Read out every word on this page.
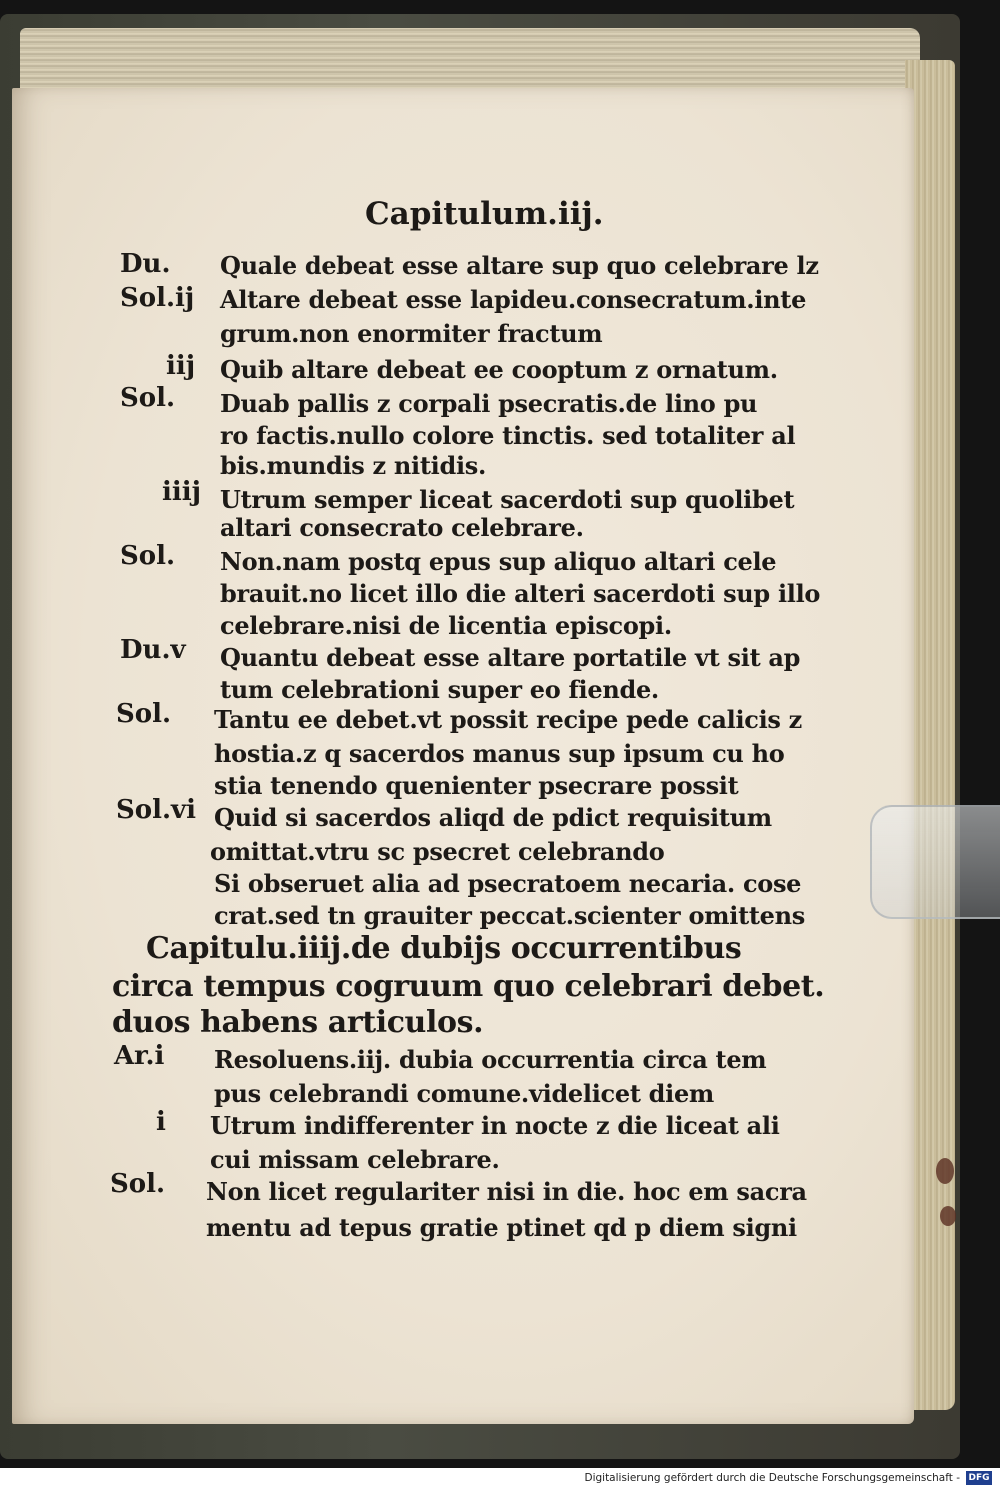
Capitulum.iij.
Du. Quale debeat esse altare sup quo celebrare lz
Sol.ij Altare debeat esse lapideu.consecratum.inte
grum.non enormiter fractum
iij Quib altare debeat ee cooptum z ornatum.
Sol. Duab pallis z corpali psecratis.de lino pu
ro factis.nullo colore tinctis. sed totaliter al
bis.mundis z nitidis.
iiij Utrum semper liceat sacerdoti sup quolibet
altari consecrato celebrare.
Sol. Non.nam postq epus sup aliquo altari cele
brauit.no licet illo die alteri sacerdoti sup illo
celebrare.nisi de licentia episcopi.
Du.v Quantu debeat esse altare portatile vt sit ap
tum celebrationi super eo fiende.
Sol. Tantu ee debet.vt possit recipe pede calicis z
hostia.z q sacerdos manus sup ipsum cu ho
stia tenendo quenienter psecrare possit
Sol.vi Quid si sacerdos aliqd de pdict requisitum
omittat.vtru sc psecret celebrando
Si obseruet alia ad psecratoem necaria. cose
crat.sed tn grauiter peccat.scienter omittens
Capitulu.iiij.de dubijs occurrentibus
circa tempus cogruum quo celebrari debet.
duos habens articulos.
Ar.i Resoluens.iij. dubia occurrentia circa tem
pus celebrandi comune.videlicet diem
i Utrum indifferenter in nocte z die liceat ali
cui missam celebrare.
Sol. Non licet regulariter nisi in die. hoc em sacra
mentu ad tepus gratie ptinet qd p diem signi
Digitalisierung gefördert durch die Deutsche Forschungsgemeinschaft - DFG
